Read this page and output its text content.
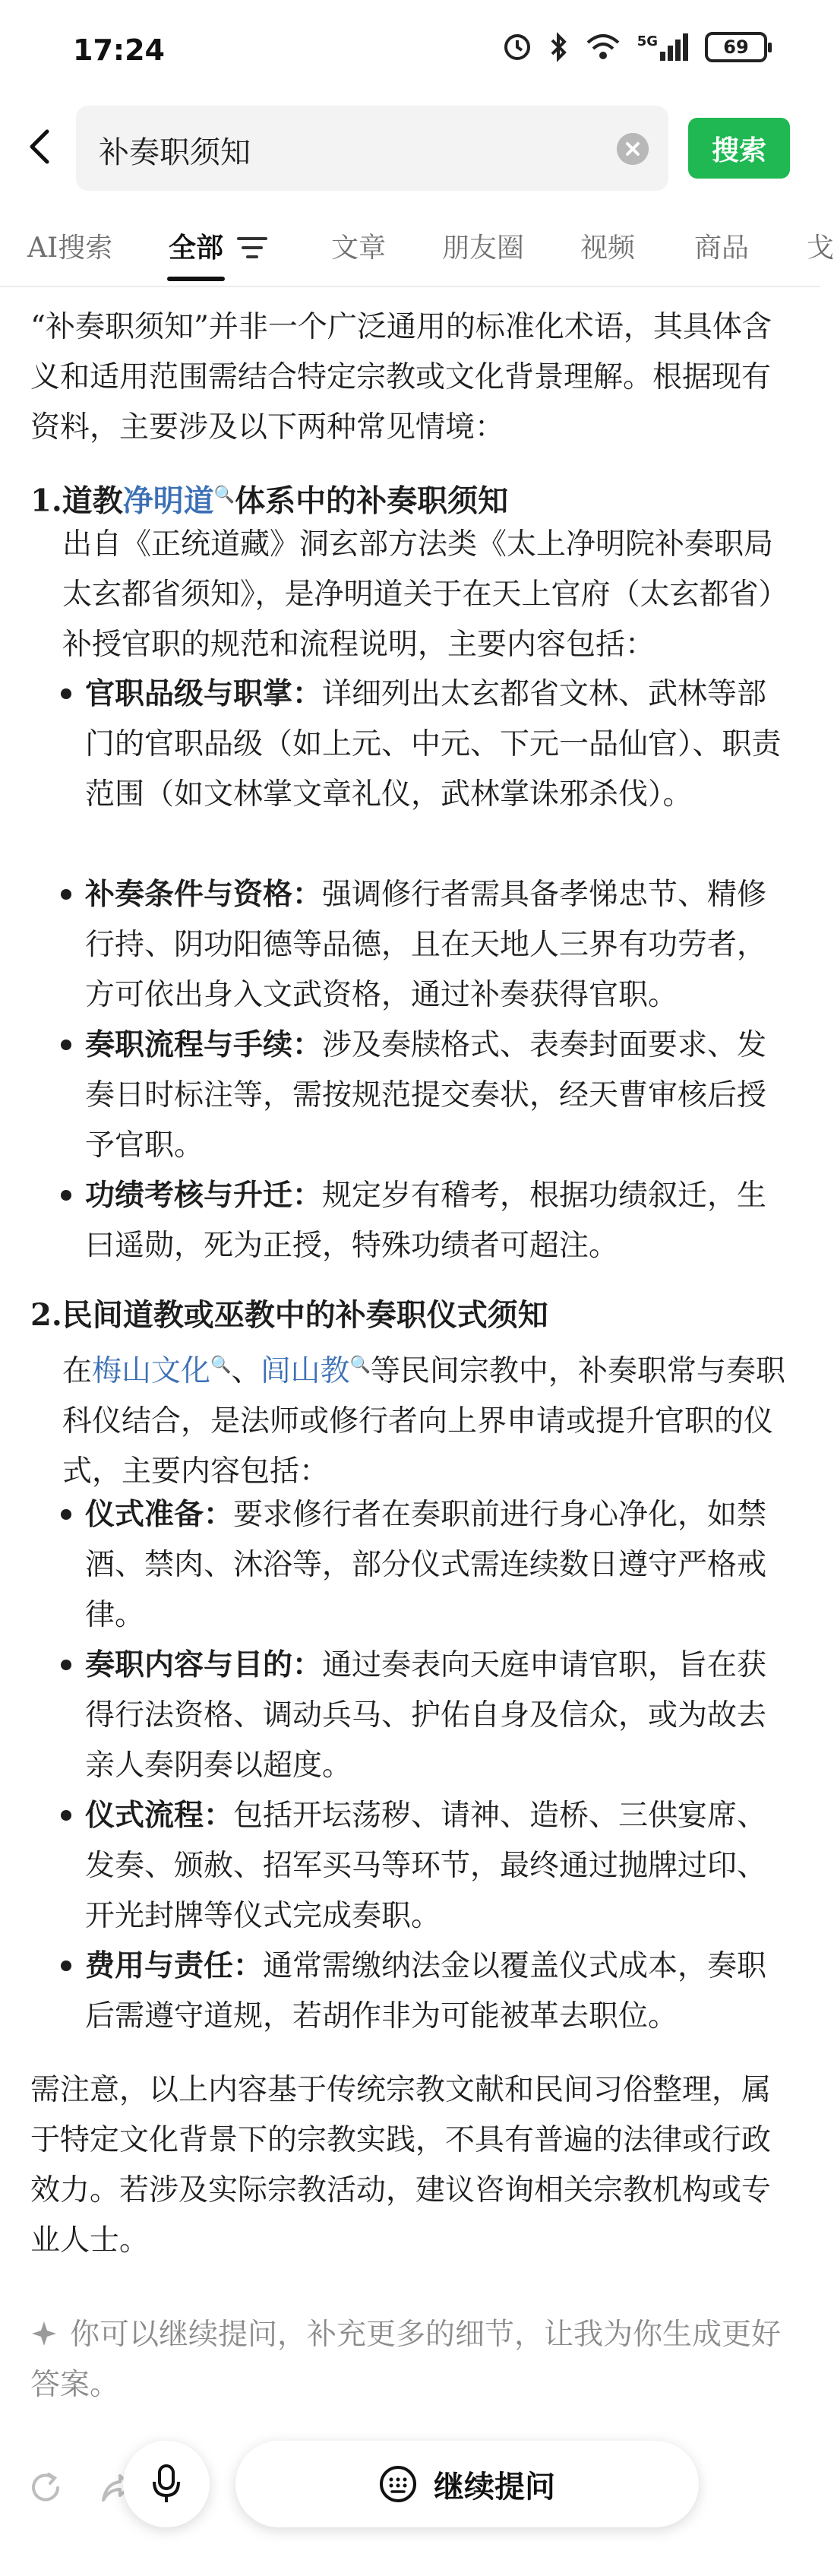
17:24	5G	69
补奏职须知	搜索
AI搜索 全部	文章 朋友圈 视频 商品 戈
“补奏职须知”并非一个广泛通用的标准化术语，其具体含义和适用范围需结合特定宗教或文化背景理解。根据现有资料，主要涉及以下两种常见情境：
1.道教净明道🔍体系中的补奏职须知
出自《正统道藏》洞玄部方法类《太上净明院补奏职局太玄都省须知》，是净明道关于在天上官府（太玄都省）补授官职的规范和流程说明，主要内容包括：
官职品级与职掌：详细列出太玄都省文林、武林等部门的官职品级（如上元、中元、下元一品仙官）、职责范围（如文林掌文章礼仪，武林掌诛邪杀伐）。
补奏条件与资格：强调修行者需具备孝悌忠节、精修行持、阴功阳德等品德，且在天地人三界有功劳者，方可依出身入文武资格，通过补奏获得官职。
奏职流程与手续：涉及奏牍格式、表奏封面要求、发奏日时标注等，需按规范提交奏状，经天曹审核后授予官职。
功绩考核与升迁：规定岁有稽考，根据功绩叙迁，生曰遥勋，死为正授，特殊功绩者可超注。
2.民间道教或巫教中的补奏职仪式须知
在梅山文化🔍、闾山教🔍等民间宗教中，补奏职常与奏职科仪结合，是法师或修行者向上界申请或提升官职的仪式，主要内容包括：
仪式准备：要求修行者在奏职前进行身心净化，如禁酒、禁肉、沐浴等，部分仪式需连续数日遵守严格戒律。
奏职内容与目的：通过奏表向天庭申请官职，旨在获得行法资格、调动兵马、护佑自身及信众，或为故去亲人奏阴奏以超度。
仪式流程：包括开坛荡秽、请神、造桥、三供宴席、发奏、颁赦、招军买马等环节，最终通过抛牌过印、开光封牌等仪式完成奏职。
费用与责任：通常需缴纳法金以覆盖仪式成本，奏职后需遵守道规，若胡作非为可能被革去职位。
需注意，以上内容基于传统宗教文献和民间习俗整理，属于特定文化背景下的宗教实践，不具有普遍的法律或行政效力。若涉及实际宗教活动，建议咨询相关宗教机构或专业人士。
你可以继续提问，补充更多的细节，让我为你生成更好答案。
继续提问
